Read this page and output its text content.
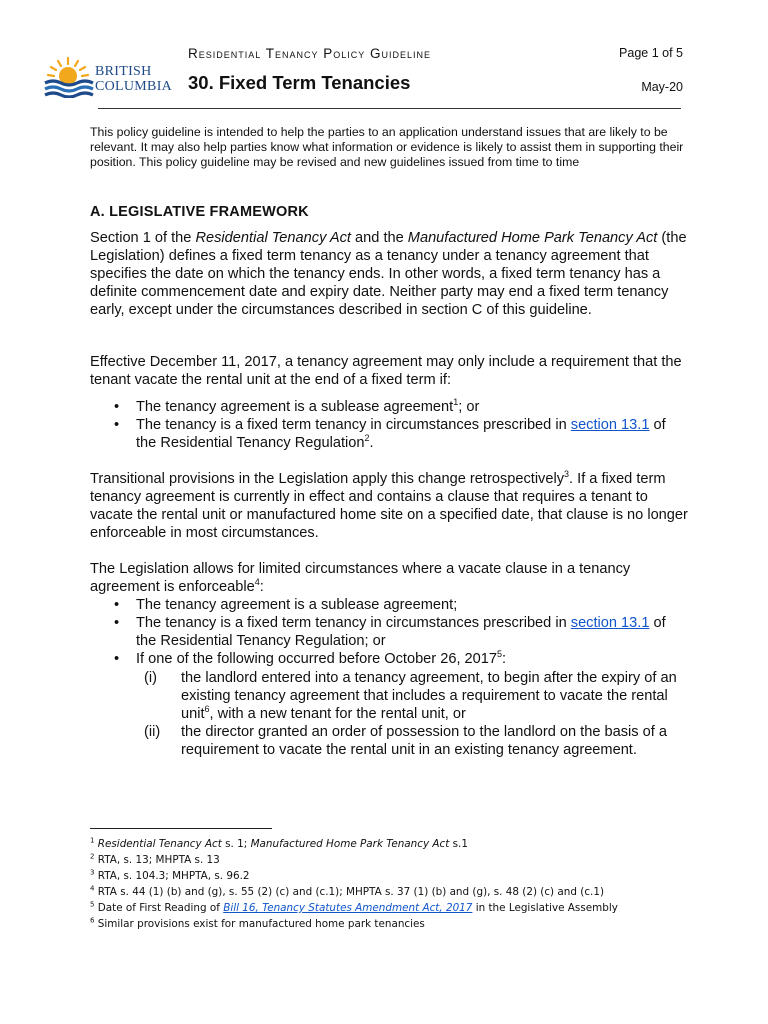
Residential Tenancy Policy Guideline	Page 1 of 5
BRITISH
COLUMBIA 30. Fixed Term Tenancies	May-20
This policy guideline is intended to help the parties to an application understand issues that are likely to be relevant. It may also help parties know what information or evidence is likely to assist them in supporting their position. This policy guideline may be revised and new guidelines issued from time to time
A. LEGISLATIVE FRAMEWORK
Section 1 of the Residential Tenancy Act and the Manufactured Home Park Tenancy Act (the Legislation) defines a fixed term tenancy as a tenancy under a tenancy agreement that specifies the date on which the tenancy ends. In other words, a fixed term tenancy has a definite commencement date and expiry date. Neither party may end a fixed term tenancy early, except under the circumstances described in section C of this guideline.
Effective December 11, 2017, a tenancy agreement may only include a requirement that the tenant vacate the rental unit at the end of a fixed term if:
• The tenancy agreement is a sublease agreement$^1$; or
• The tenancy is a fixed term tenancy in circumstances prescribed in section 13.1 of the Residential Tenancy Regulation$^2$.
Transitional provisions in the Legislation apply this change retrospectively$^3$. If a fixed term tenancy agreement is currently in effect and contains a clause that requires a tenant to vacate the rental unit or manufactured home site on a specified date, that clause is no longer enforceable in most circumstances.
The Legislation allows for limited circumstances where a vacate clause in a tenancy agreement is enforceable$^4$:
• The tenancy agreement is a sublease agreement;
• The tenancy is a fixed term tenancy in circumstances prescribed in section 13.1 of the Residential Tenancy Regulation; or
• If one of the following occurred before October 26, 2017$^5$:
(i) the landlord entered into a tenancy agreement, to begin after the expiry of an existing tenancy agreement that includes a requirement to vacate the rental unit$^6$, with a new tenant for the rental unit, or
(ii) the director granted an order of possession to the landlord on the basis of a requirement to vacate the rental unit in an existing tenancy agreement.
$^1$ Residential Tenancy Act s. 1; Manufactured Home Park Tenancy Act s.1
$^2$ RTA, s. 13; MHPTA s. 13
$^3$ RTA, s. 104.3; MHPTA, s. 96.2
$^4$ RTA s. 44 (1) (b) and (g), s. 55 (2) (c) and (c.1); MHPTA s. 37 (1) (b) and (g), s. 48 (2) (c) and (c.1)
$^5$ Date of First Reading of Bill 16, Tenancy Statutes Amendment Act, 2017 in the Legislative Assembly
$^6$ Similar provisions exist for manufactured home park tenancies
